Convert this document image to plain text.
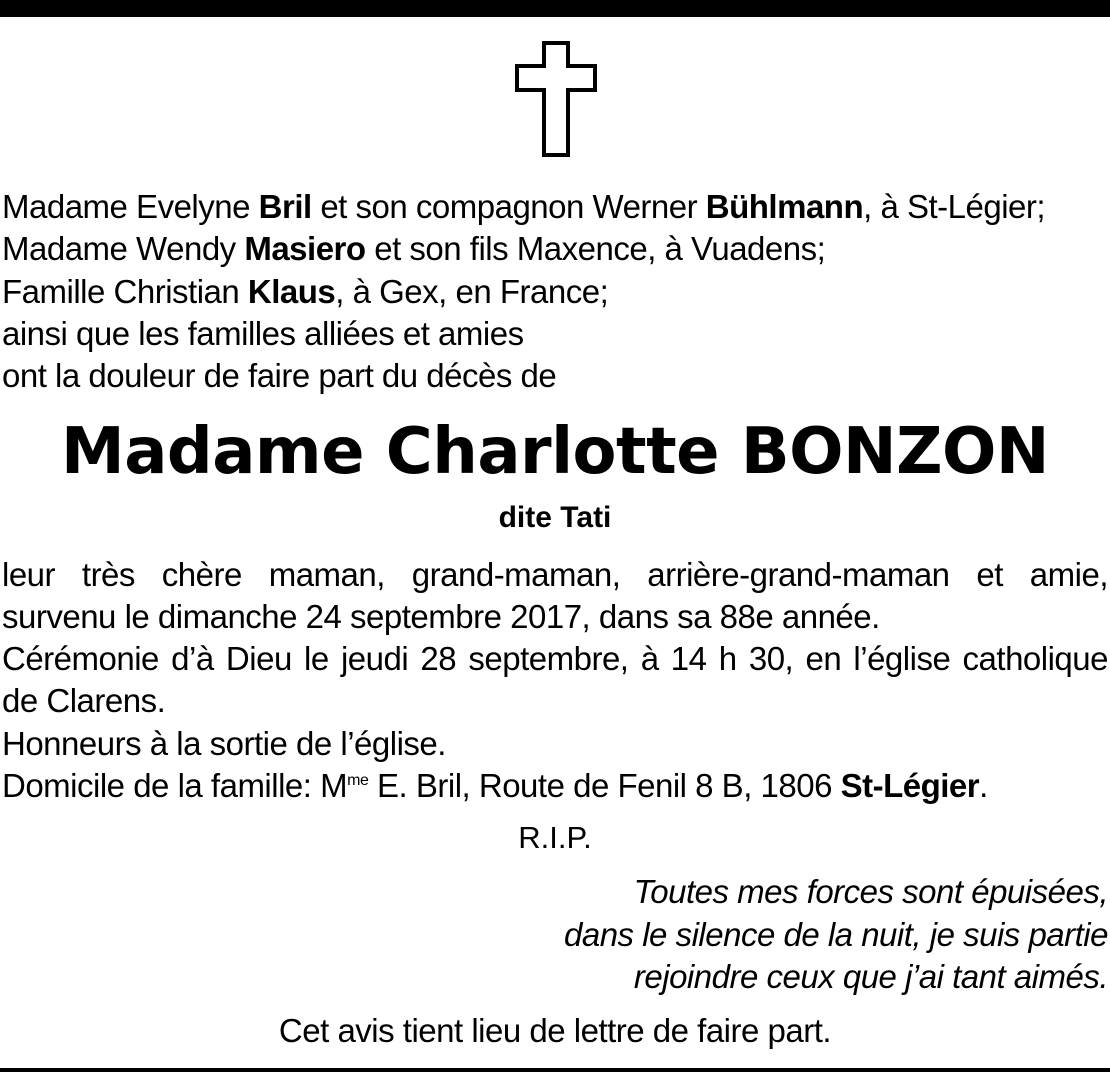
Madame Evelyne Bril et son compagnon Werner Bühlmann, à St-Légier;
Madame Wendy Masiero et son fils Maxence, à Vuadens;
Famille Christian Klaus, à Gex, en France;
ainsi que les familles alliées et amies
ont la douleur de faire part du décès de
Madame Charlotte BONZON
dite Tati
leur très chère maman, grand-maman, arrière-grand-maman et amie,
survenu le dimanche 24 septembre 2017, dans sa 88e année.
Cérémonie d’à Dieu le jeudi 28 septembre, à 14 h 30, en l’église catholique
de Clarens.
Honneurs à la sortie de l’église.
Domicile de la famille: $M^{me}$ E. Bril, Route de Fenil 8 B, 1806 St-Légier.
R.I.P.
Toutes mes forces sont épuisées,
dans le silence de la nuit, je suis partie
rejoindre ceux que j’ai tant aimés.
Cet avis tient lieu de lettre de faire part.
